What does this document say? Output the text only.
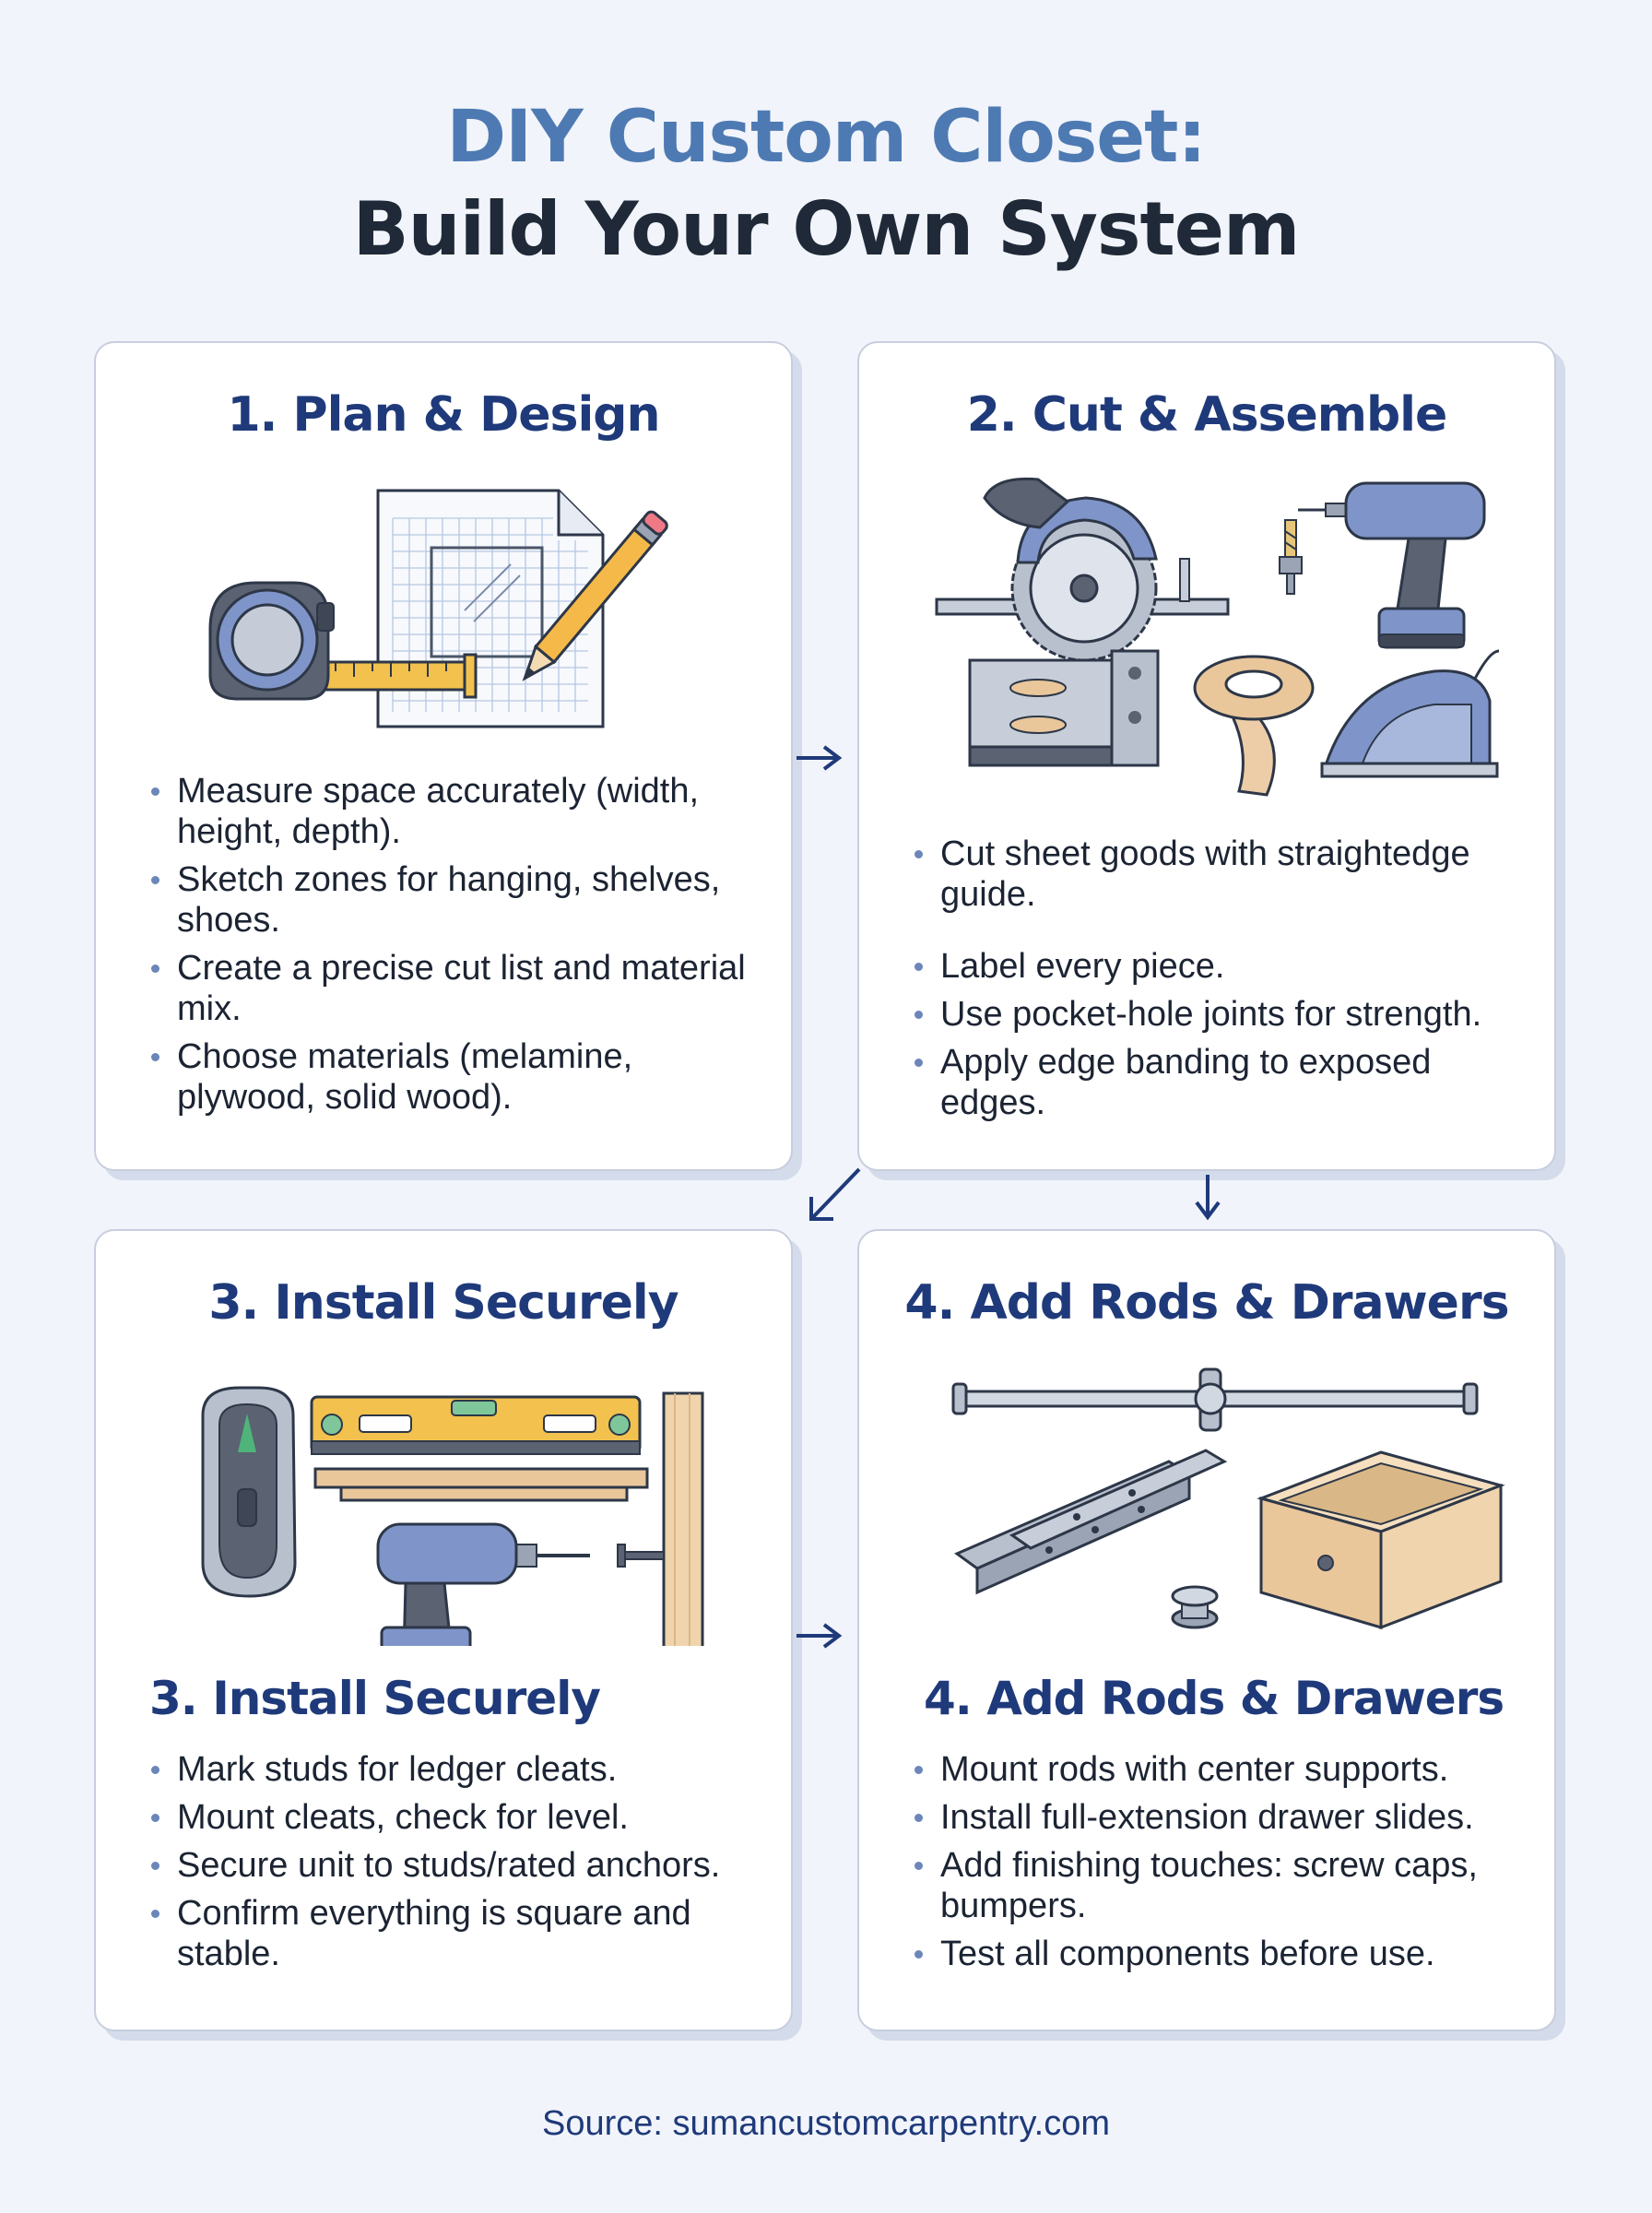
DIY Custom Closet:
Build Your Own System
1. Plan & Design
Measure space accurately (width, height, depth).
Sketch zones for hanging, shelves, shoes.
Create a precise cut list and material mix.
Choose materials (melamine, plywood, solid wood).
2. Cut & Assemble
Cut sheet goods with straightedge guide.
Label every piece.
Use pocket-hole joints for strength.
Apply edge banding to exposed edges.
3. Install Securely
3. Install Securely
Mark studs for ledger cleats.
Mount cleats, check for level.
Secure unit to studs/rated anchors.
Confirm everything is square and stable.
4. Add Rods & Drawers
4. Add Rods & Drawers
Mount rods with center supports.
Install full-extension drawer slides.
Add finishing touches: screw caps, bumpers.
Test all components before use.
Source: sumancustomcarpentry.com
